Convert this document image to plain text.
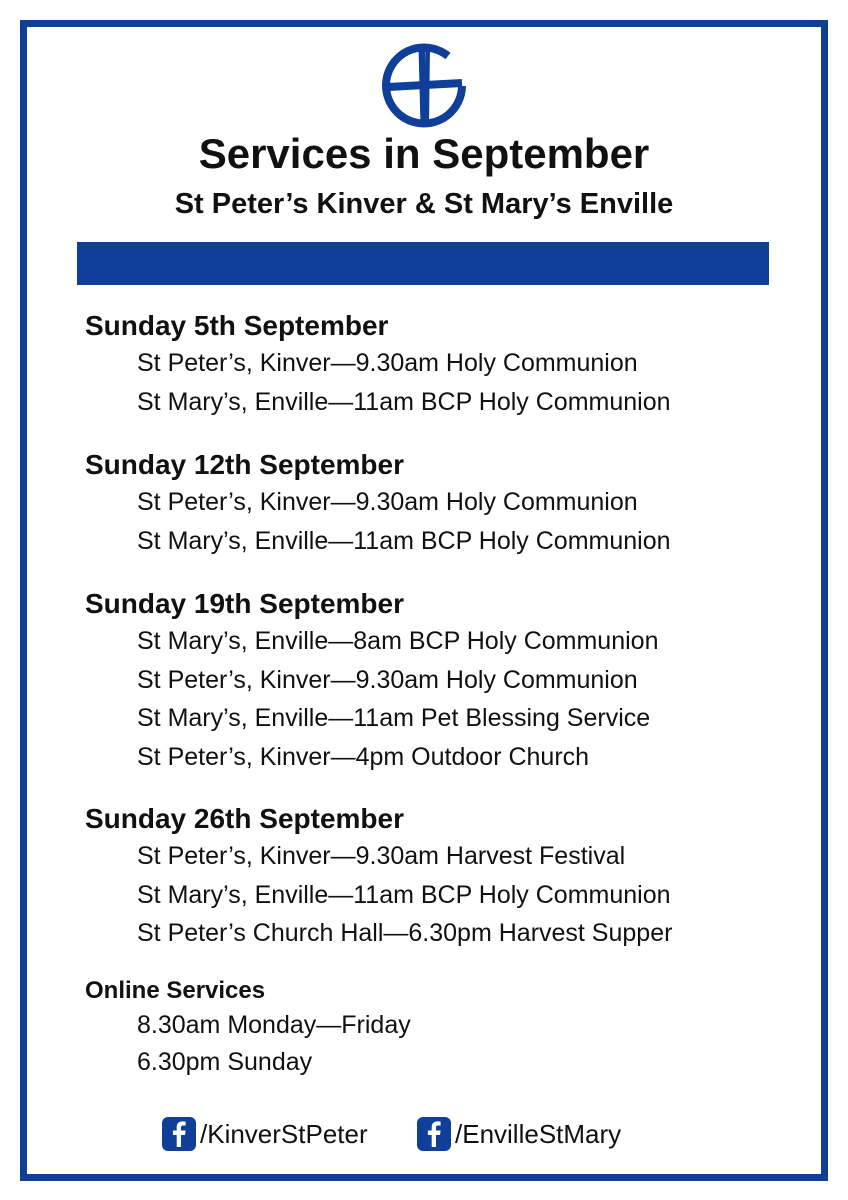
Services in September
St Peter’s Kinver & St Mary’s Enville
Sunday 5th September
St Peter’s, Kinver—9.30am Holy Communion
St Mary’s, Enville—11am BCP Holy Communion
Sunday 12th September
St Peter’s, Kinver—9.30am Holy Communion
St Mary’s, Enville—11am BCP Holy Communion
Sunday 19th September
St Mary’s, Enville—8am BCP Holy Communion
St Peter’s, Kinver—9.30am Holy Communion
St Mary’s, Enville—11am Pet Blessing Service
St Peter’s, Kinver—4pm Outdoor Church
Sunday 26th September
St Peter’s, Kinver—9.30am Harvest Festival
St Mary’s, Enville—11am BCP Holy Communion
St Peter’s Church Hall—6.30pm Harvest Supper
Online Services
8.30am Monday—Friday
6.30pm Sunday
/KinverStPeter	/EnvilleStMary
